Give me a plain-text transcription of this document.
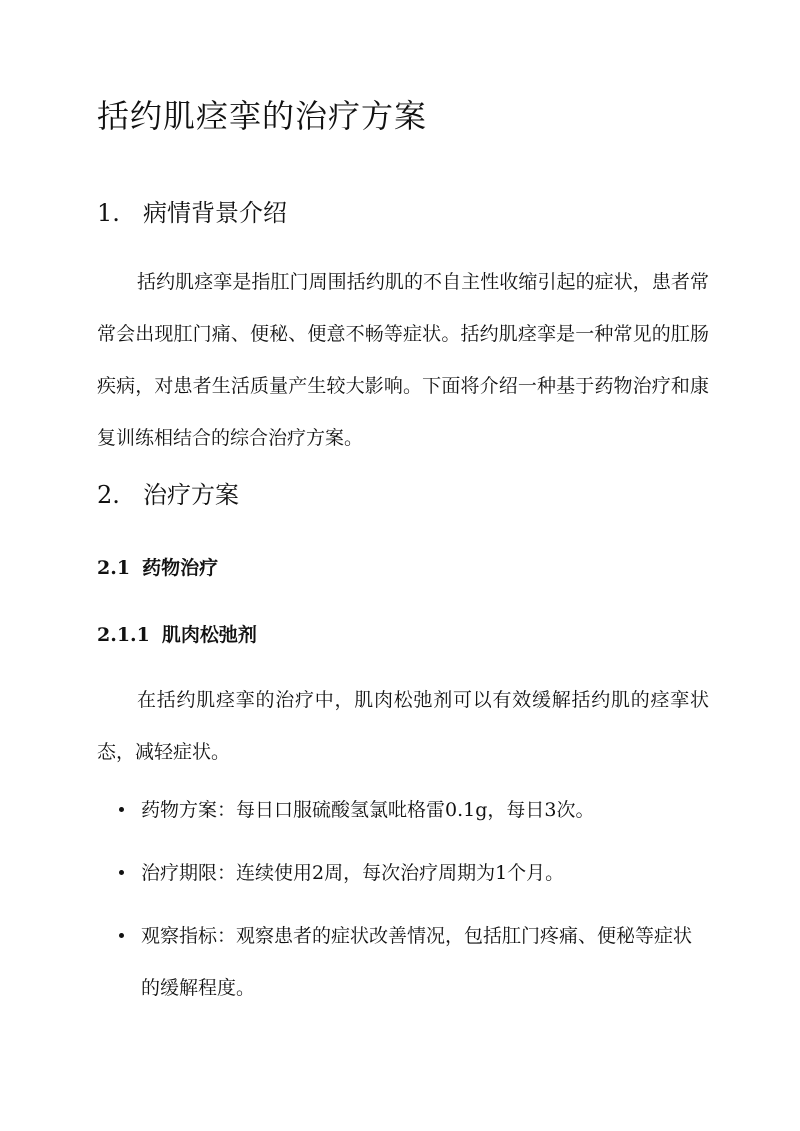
括约肌痉挛的治疗方案
1. 病情背景介绍

括约肌痉挛是指肛门周围括约肌的不自主性收缩引起的症状，患者常常会出现肛门痛、便秘、便意不畅等症状。括约肌痉挛是一种常见的肛肠疾病，对患者生活质量产生较大影响。下面将介绍一种基于药物治疗和康复训练相结合的综合治疗方案。

2. 治疗方案
2.1 药物治疗
2.1.1 肌肉松弛剂

在括约肌痉挛的治疗中，肌肉松弛剂可以有效缓解括约肌的痉挛状态，减轻症状。

药物方案：每日口服硫酸氢氯吡格雷0.1g，每日3次。
治疗期限：连续使用2周，每次治疗周期为1个月。
观察指标：观察患者的症状改善情况，包括肛门疼痛、便秘等症状的缓解程度。
